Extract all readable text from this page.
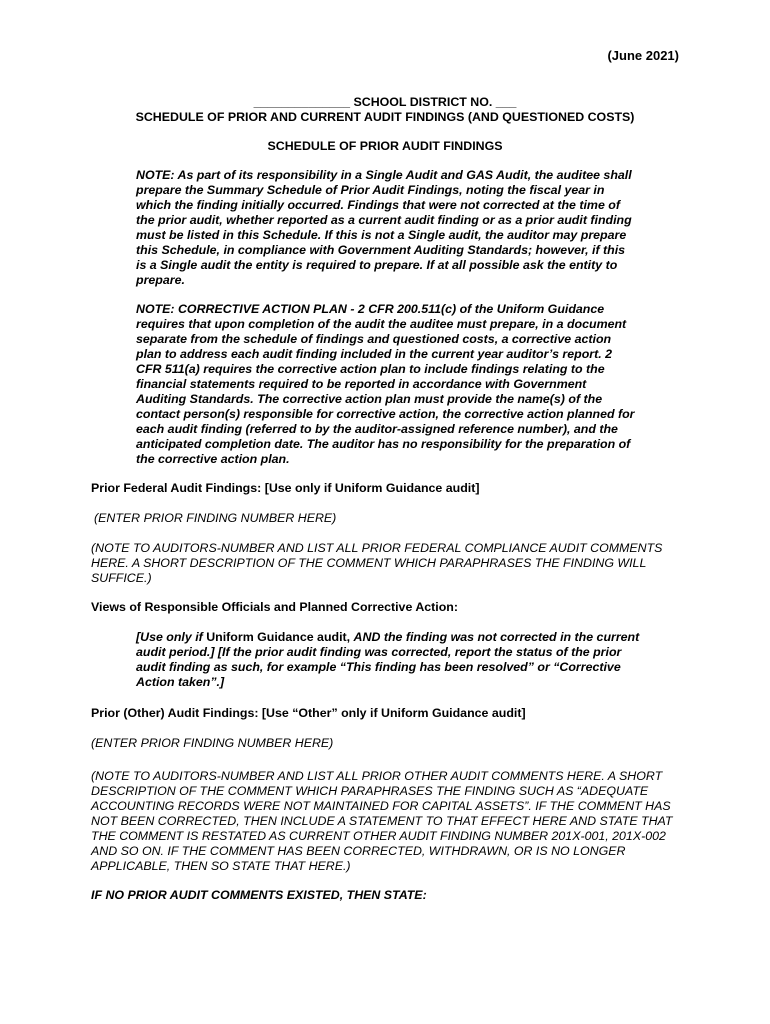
(June 2021)
______________ SCHOOL DISTRICT NO. ___
SCHEDULE OF PRIOR AND CURRENT AUDIT FINDINGS (AND QUESTIONED COSTS)
SCHEDULE OF PRIOR AUDIT FINDINGS
NOTE: As part of its responsibility in a Single Audit and GAS Audit, the auditee shall prepare the Summary Schedule of Prior Audit Findings, noting the fiscal year in which the finding initially occurred. Findings that were not corrected at the time of the prior audit, whether reported as a current audit finding or as a prior audit finding must be listed in this Schedule. If this is not a Single audit, the auditor may prepare this Schedule, in compliance with Government Auditing Standards; however, if this is a Single audit the entity is required to prepare. If at all possible ask the entity to prepare.
NOTE: CORRECTIVE ACTION PLAN - 2 CFR 200.511(c) of the Uniform Guidance requires that upon completion of the audit the auditee must prepare, in a document separate from the schedule of findings and questioned costs, a corrective action plan to address each audit finding included in the current year auditor’s report. 2 CFR 511(a) requires the corrective action plan to include findings relating to the financial statements required to be reported in accordance with Government Auditing Standards. The corrective action plan must provide the name(s) of the contact person(s) responsible for corrective action, the corrective action planned for each audit finding (referred to by the auditor-assigned reference number), and the anticipated completion date. The auditor has no responsibility for the preparation of the corrective action plan.
Prior Federal Audit Findings: [Use only if Uniform Guidance audit]
(ENTER PRIOR FINDING NUMBER HERE)
(NOTE TO AUDITORS-NUMBER AND LIST ALL PRIOR FEDERAL COMPLIANCE AUDIT COMMENTS HERE. A SHORT DESCRIPTION OF THE COMMENT WHICH PARAPHRASES THE FINDING WILL SUFFICE.)
Views of Responsible Officials and Planned Corrective Action:
[Use only if Uniform Guidance audit, AND the finding was not corrected in the current audit period.] [If the prior audit finding was corrected, report the status of the prior audit finding as such, for example “This finding has been resolved” or “Corrective Action taken”.]
Prior (Other) Audit Findings: [Use “Other” only if Uniform Guidance audit]
(ENTER PRIOR FINDING NUMBER HERE)
(NOTE TO AUDITORS-NUMBER AND LIST ALL PRIOR OTHER AUDIT COMMENTS HERE. A SHORT DESCRIPTION OF THE COMMENT WHICH PARAPHRASES THE FINDING SUCH AS “ADEQUATE ACCOUNTING RECORDS WERE NOT MAINTAINED FOR CAPITAL ASSETS”. IF THE COMMENT HAS NOT BEEN CORRECTED, THEN INCLUDE A STATEMENT TO THAT EFFECT HERE AND STATE THAT THE COMMENT IS RESTATED AS CURRENT OTHER AUDIT FINDING NUMBER 201X-001, 201X-002 AND SO ON. IF THE COMMENT HAS BEEN CORRECTED, WITHDRAWN, OR IS NO LONGER APPLICABLE, THEN SO STATE THAT HERE.)
IF NO PRIOR AUDIT COMMENTS EXISTED, THEN STATE:
